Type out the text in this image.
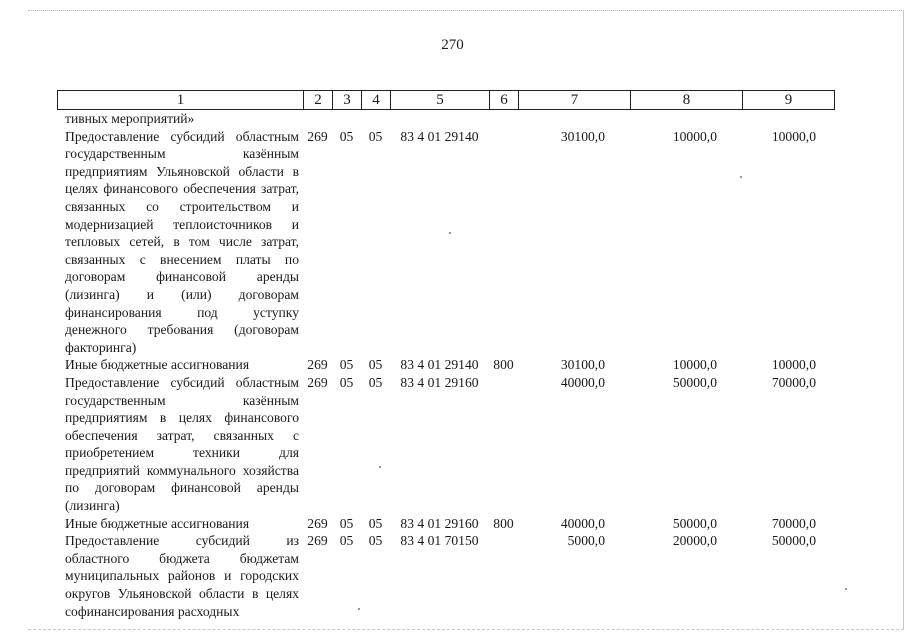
270
1	2	3	4	5	6	7	8	9
тивных мероприятий»								
Предоставление субсидий областным государственным казённым предприятиям Ульяновской области в целях финансового обеспечения затрат, связанных со строительством и модернизацией теплоисточников и тепловых сетей, в том числе затрат, связанных с внесением платы по договорам финансовой аренды (лизинга) и (или) договорам финансирования под уступку денежного требования (договорам факторинга)	269	05	05	83 4 01 29140		30100,0	10000,0	10000,0
Иные бюджетные ассигнования	269	05	05	83 4 01 29140	800	30100,0	10000,0	10000,0
Предоставление субсидий областным государственным казённым предприятиям в целях финансового обеспечения затрат, связанных с приобретением техники для предприятий коммунального хозяйства по договорам финансовой аренды (лизинга)	269	05	05	83 4 01 29160		40000,0	50000,0	70000,0
Иные бюджетные ассигнования	269	05	05	83 4 01 29160	800	40000,0	50000,0	70000,0
Предоставление субсидий из областного бюджета бюджетам муниципальных районов и городских округов Ульяновской области в целях софинансирования расходных	269	05	05	83 4 01 70150		5000,0	20000,0	50000,0
